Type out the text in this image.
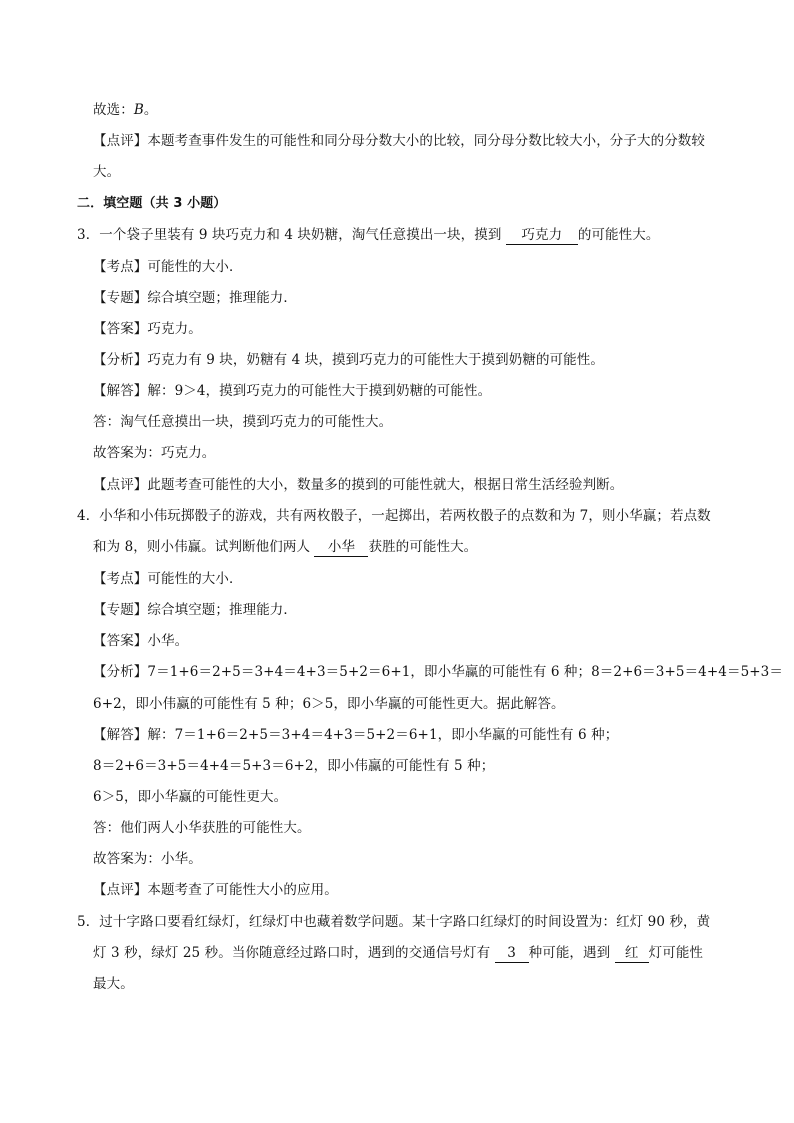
故选：B。
【点评】本题考查事件发生的可能性和同分母分数大小的比较，同分母分数比较大小，分子大的分数较
大。
二．填空题（共 3 小题）
3．一个袋子里装有 9 块巧克力和 4 块奶糖，淘气任意摸出一块，摸到 巧克力 的可能性大。
【考点】可能性的大小．
【专题】综合填空题；推理能力．
【答案】巧克力。
【分析】巧克力有 9 块，奶糖有 4 块，摸到巧克力的可能性大于摸到奶糖的可能性。
【解答】解：9＞4，摸到巧克力的可能性大于摸到奶糖的可能性。
答：淘气任意摸出一块，摸到巧克力的可能性大。
故答案为：巧克力。
【点评】此题考查可能性的大小，数量多的摸到的可能性就大，根据日常生活经验判断。
4．小华和小伟玩掷骰子的游戏，共有两枚骰子，一起掷出，若两枚骰子的点数和为 7，则小华赢；若点数
和为 8，则小伟赢。试判断他们两人 小华 获胜的可能性大。
【考点】可能性的大小．
【专题】综合填空题；推理能力．
【答案】小华。
【分析】7＝1+6＝2+5＝3+4＝4+3＝5+2＝6+1，即小华赢的可能性有 6 种；8＝2+6＝3+5＝4+4＝5+3＝
6+2，即小伟赢的可能性有 5 种；6＞5，即小华赢的可能性更大。据此解答。
【解答】解：7＝1+6＝2+5＝3+4＝4+3＝5+2＝6+1，即小华赢的可能性有 6 种；
8＝2+6＝3+5＝4+4＝5+3＝6+2，即小伟赢的可能性有 5 种；
6＞5，即小华赢的可能性更大。
答：他们两人小华获胜的可能性大。
故答案为：小华。
【点评】本题考查了可能性大小的应用。
5．过十字路口要看红绿灯，红绿灯中也藏着数学问题。某十字路口红绿灯的时间设置为：红灯 90 秒，黄
灯 3 秒，绿灯 25 秒。当你随意经过路口时，遇到的交通信号灯有 3 种可能，遇到 红 灯可能性
最大。
